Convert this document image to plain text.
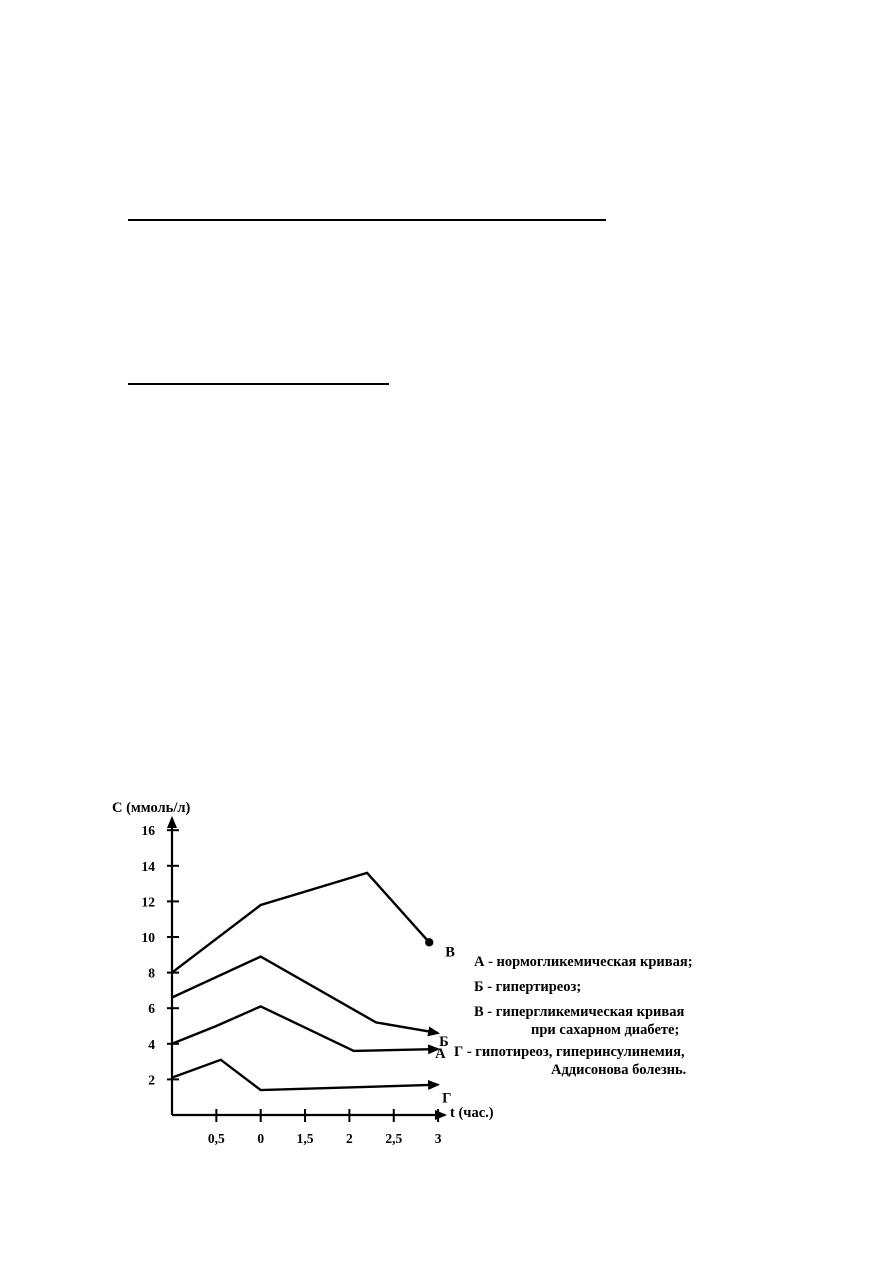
2
4
6
8
10
12
14
16
0,5 0 1,5 2 2,5 3
С (ммоль/л)
t (час.)
В
Б
А
Г
А - нормогликемическая кривая;
Б - гипертиреоз;
В - гипергликемическая кривая
при сахарном диабете;
Г - гипотиреоз, гиперинсулинемия,
Аддисонова болезнь.
